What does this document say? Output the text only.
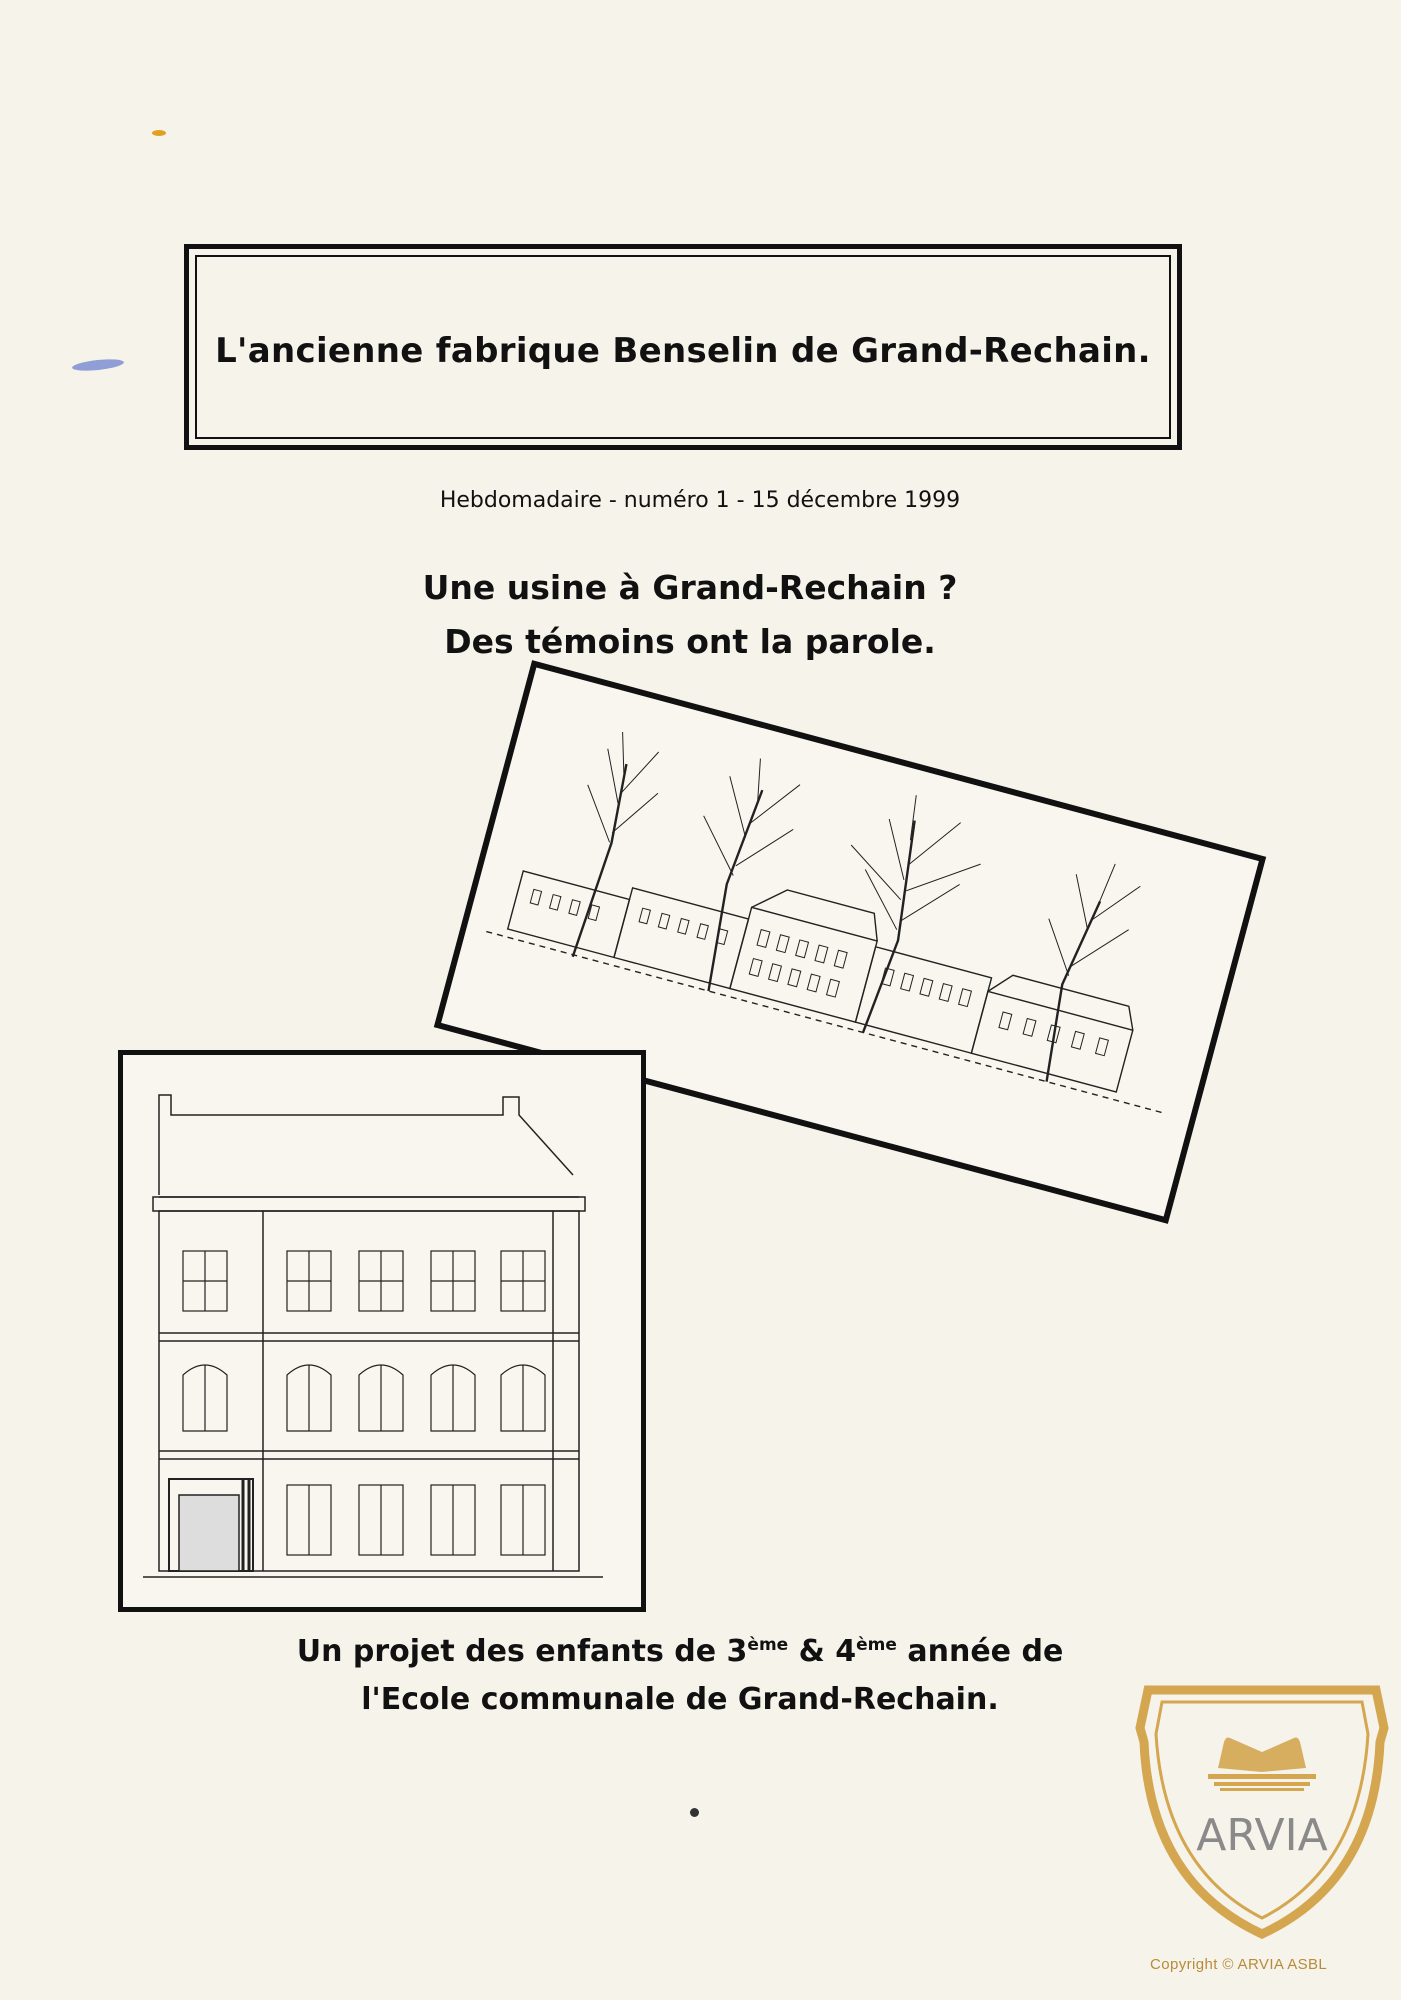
L'ancienne fabrique Benselin de Grand-Rechain.
Hebdomadaire - numéro 1 - 15 décembre 1999
Une usine à Grand-Rechain ?
Des témoins ont la parole.
Un projet des enfants de 3ème & 4ème année de
l'Ecole communale de Grand-Rechain.
ARVIA
Copyright © ARVIA ASBL
